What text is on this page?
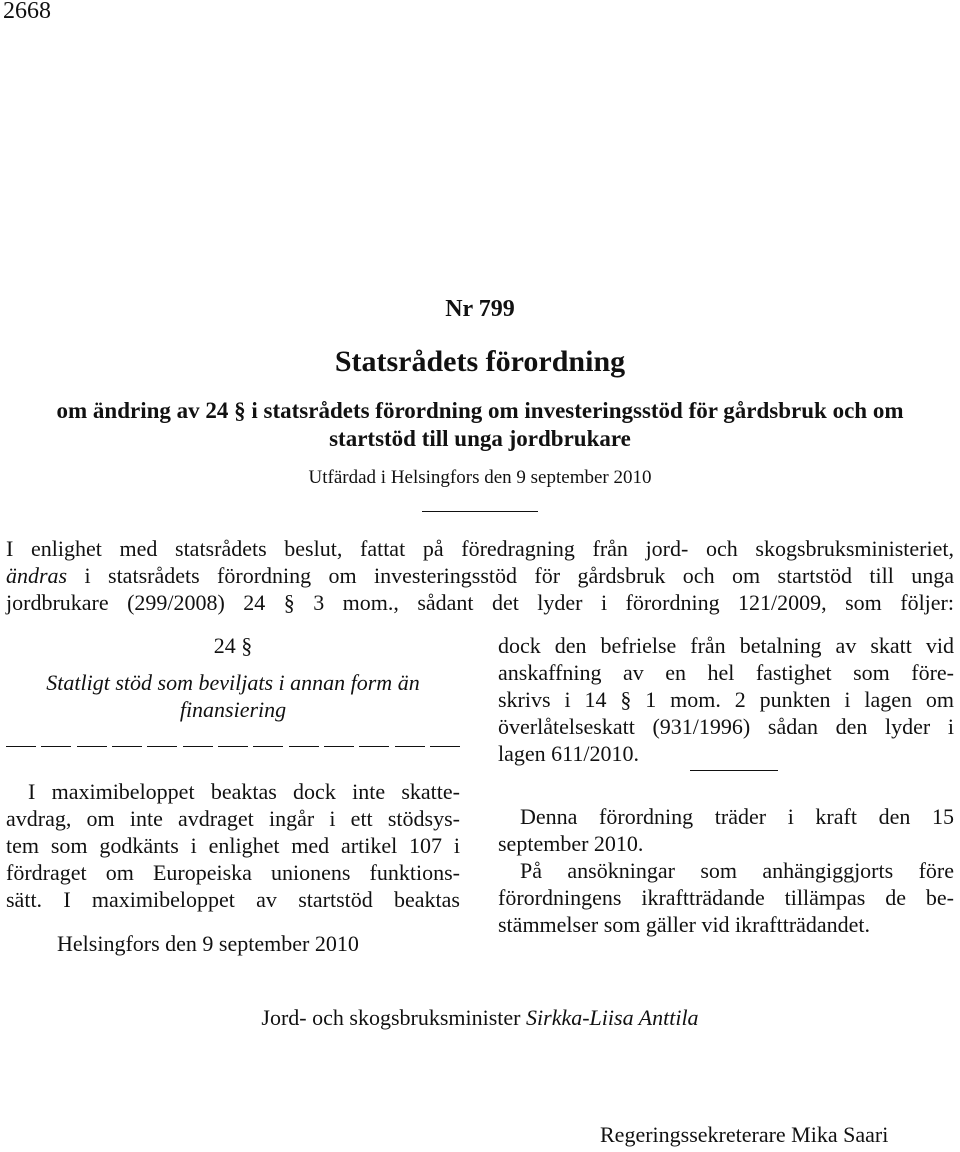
2668
Nr 799
Statsrådets förordning
om ändring av 24 § i statsrådets förordning om investeringsstöd för gårdsbruk och om
startstöd till unga jordbrukare
Utfärdad i Helsingfors den 9 september 2010
I enlighet med statsrådets beslut, fattat på föredragning från jord- och skogsbruksministeriet,
ändras i statsrådets förordning om investeringsstöd för gårdsbruk och om startstöd till unga
jordbrukare (299/2008) 24 § 3 mom., sådant det lyder i förordning 121/2009, som följer:
24 §
Statligt stöd som beviljats i annan form än
finansiering
I maximibeloppet beaktas dock inte skatte-
avdrag, om inte avdraget ingår i ett stödsys-
tem som godkänts i enlighet med artikel 107 i
fördraget om Europeiska unionens funktions-
sätt. I maximibeloppet av startstöd beaktas
dock den befrielse från betalning av skatt vid
anskaffning av en hel fastighet som före-
skrivs i 14 § 1 mom. 2 punkten i lagen om
överlåtelseskatt (931/1996) sådan den lyder i
lagen 611/2010.
Denna förordning träder i kraft den 15
september 2010.
På ansökningar som anhängiggjorts före
förordningens ikraftträdande tillämpas de be-
stämmelser som gäller vid ikraftträdandet.
Helsingfors den 9 september 2010
Jord- och skogsbruksminister Sirkka-Liisa Anttila
Regeringssekreterare Mika Saari
